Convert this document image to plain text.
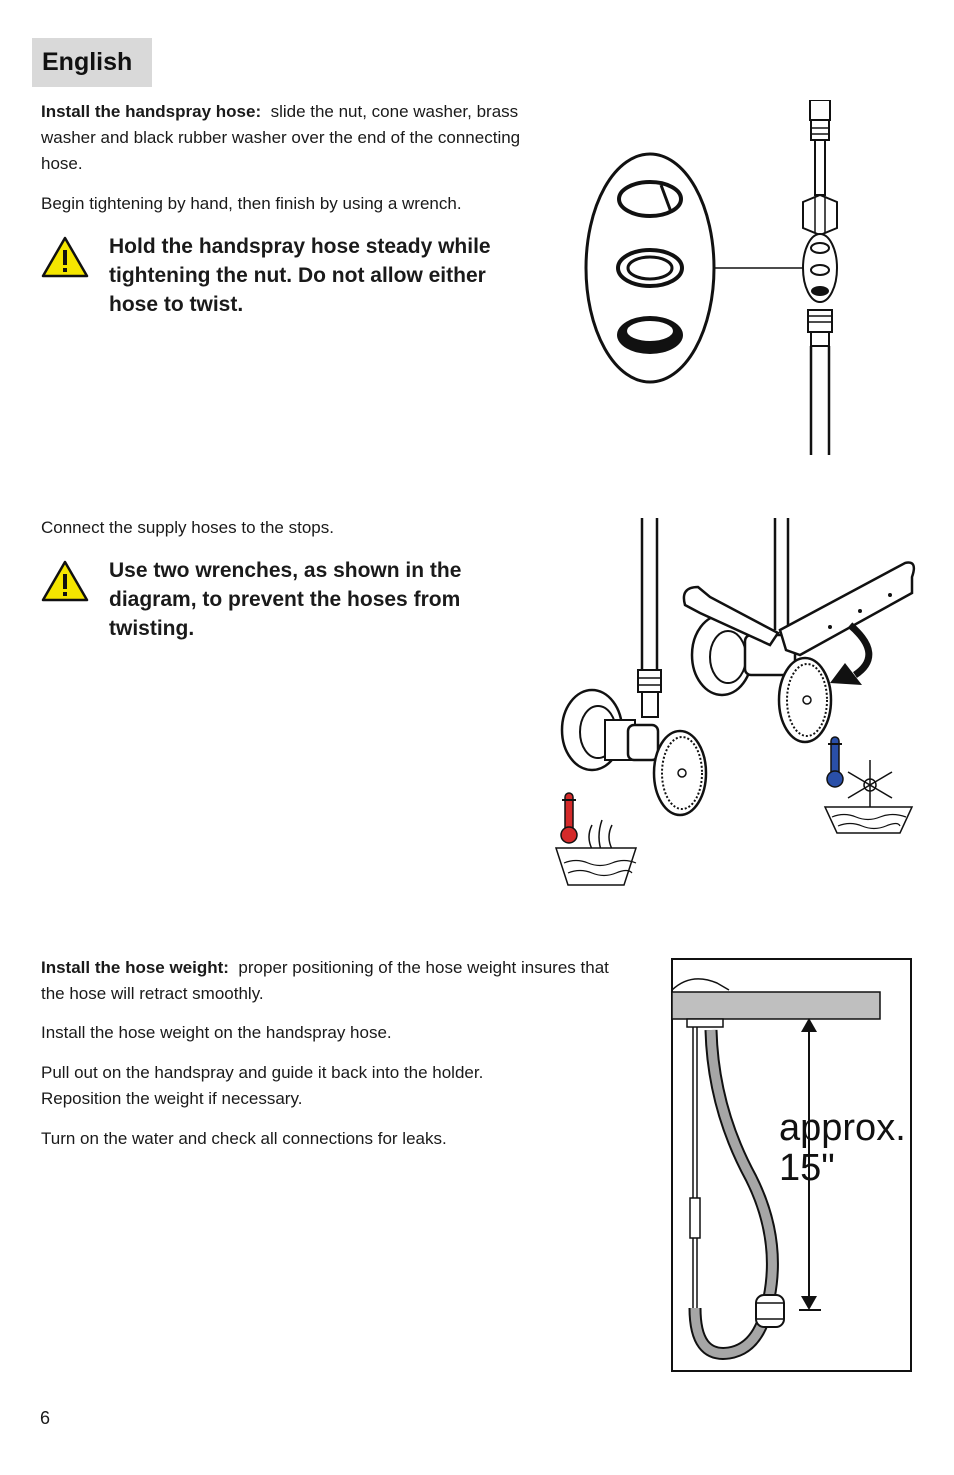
English

Install the handspray hose: slide the nut, cone washer, brass washer and black rubber washer over the end of the connecting hose.

Begin tightening by hand, then finish by using a wrench.

Hold the handspray hose steady while tightening the nut. Do not allow either hose to twist.

Connect the supply hoses to the stops.

Use two wrenches, as shown in the diagram, to prevent the hoses from twisting.

Install the hose weight: proper positioning of the hose weight insures that the hose will retract smoothly.

Install the hose weight on the handspray hose.

Pull out on the handspray and guide it back into the holder. Reposition the weight if necessary.

Turn on the water and check all connections for leaks.	approx.
15"
6
